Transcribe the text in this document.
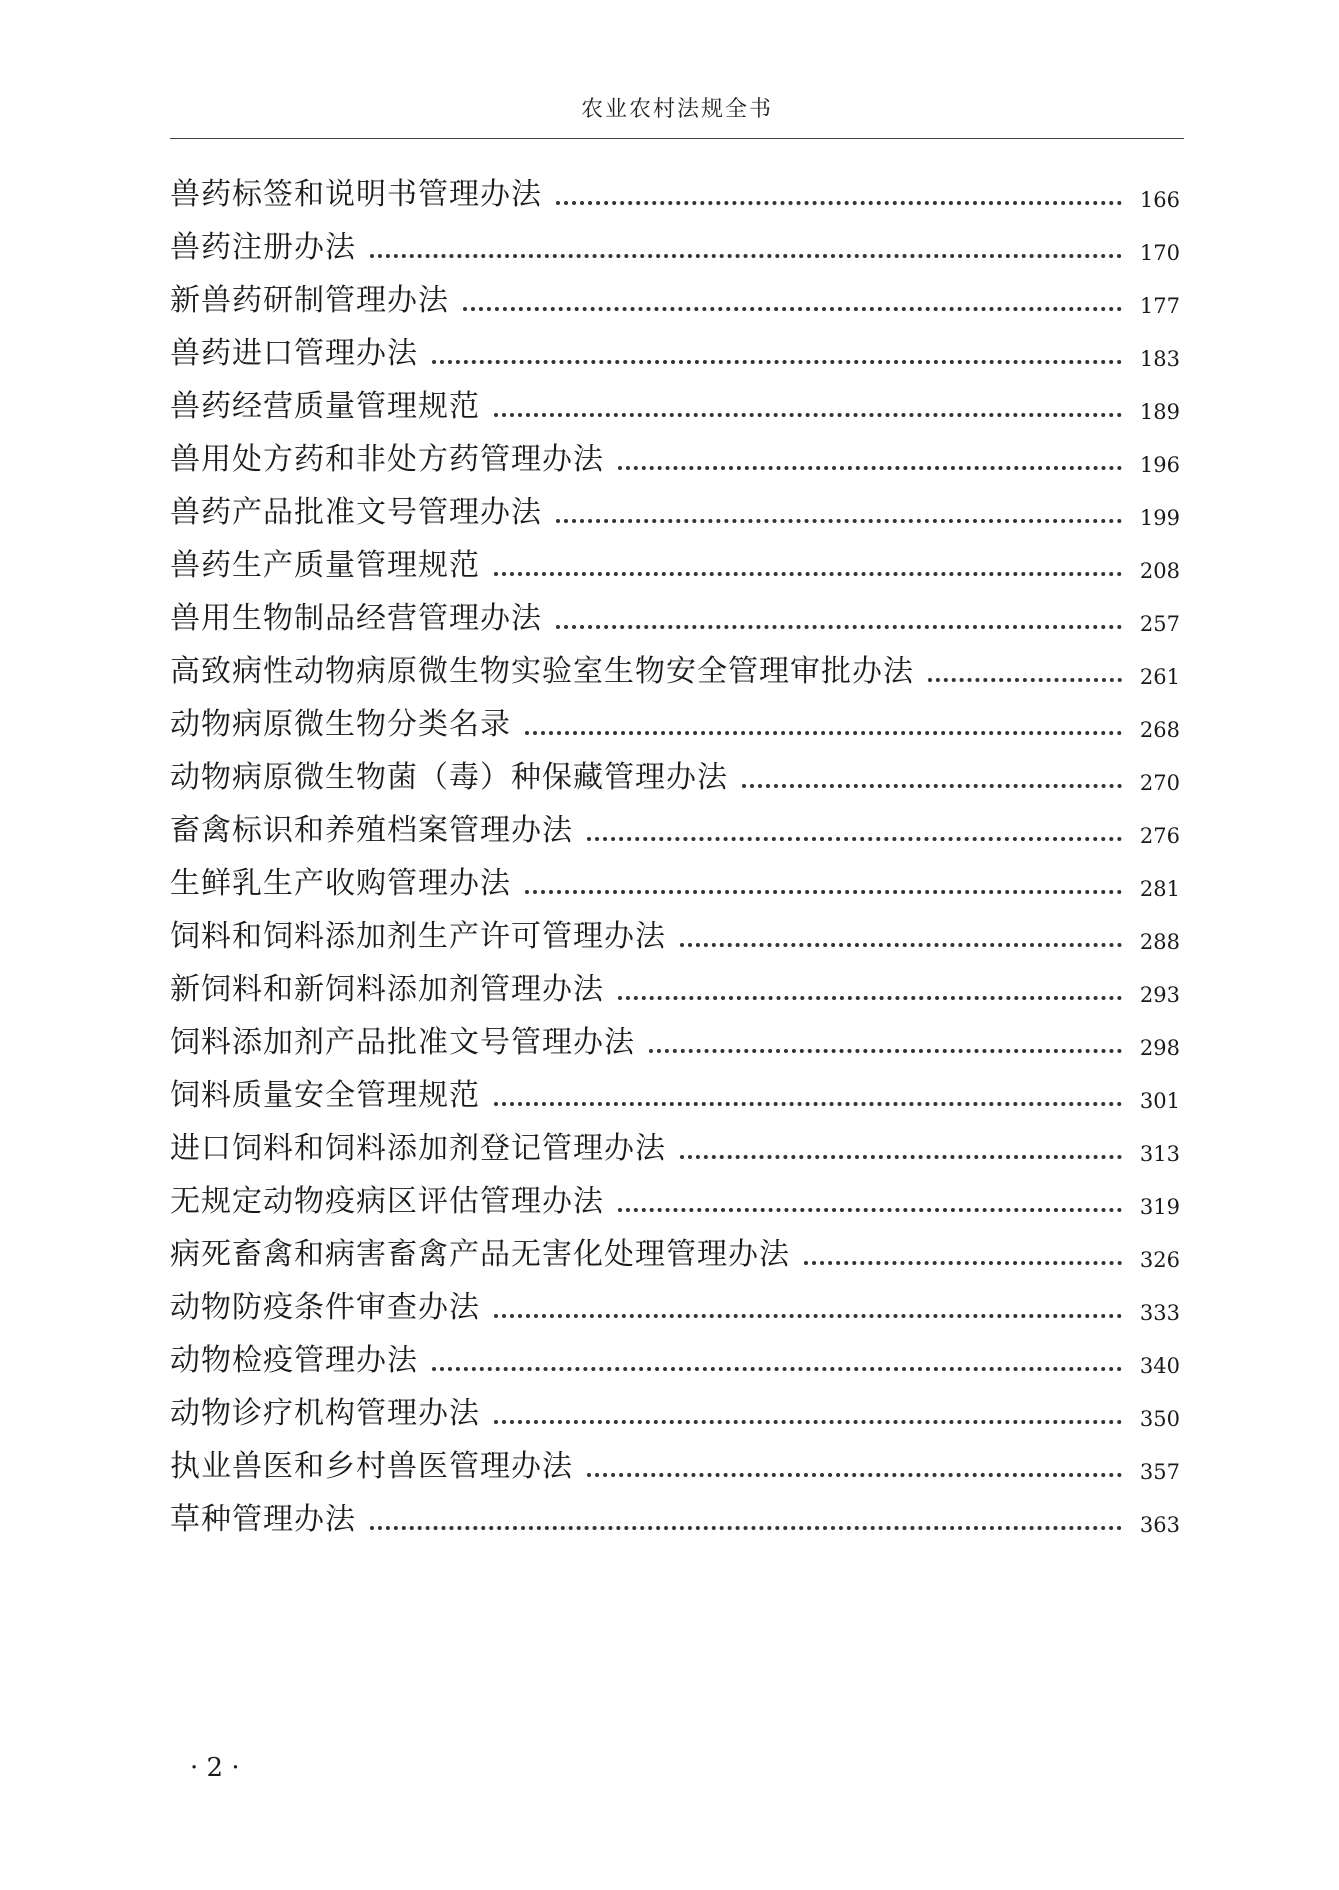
农业农村法规全书
兽药标签和说明书管理办法	166
兽药注册办法	170
新兽药研制管理办法	177
兽药进口管理办法	183
兽药经营质量管理规范	189
兽用处方药和非处方药管理办法	196
兽药产品批准文号管理办法	199
兽药生产质量管理规范	208
兽用生物制品经营管理办法	257
高致病性动物病原微生物实验室生物安全管理审批办法	261
动物病原微生物分类名录	268
动物病原微生物菌（毒）种保藏管理办法	270
畜禽标识和养殖档案管理办法	276
生鲜乳生产收购管理办法	281
饲料和饲料添加剂生产许可管理办法	288
新饲料和新饲料添加剂管理办法	293
饲料添加剂产品批准文号管理办法	298
饲料质量安全管理规范	301
进口饲料和饲料添加剂登记管理办法	313
无规定动物疫病区评估管理办法	319
病死畜禽和病害畜禽产品无害化处理管理办法	326
动物防疫条件审查办法	333
动物检疫管理办法	340
动物诊疗机构管理办法	350
执业兽医和乡村兽医管理办法	357
草种管理办法	363
· 2 ·
